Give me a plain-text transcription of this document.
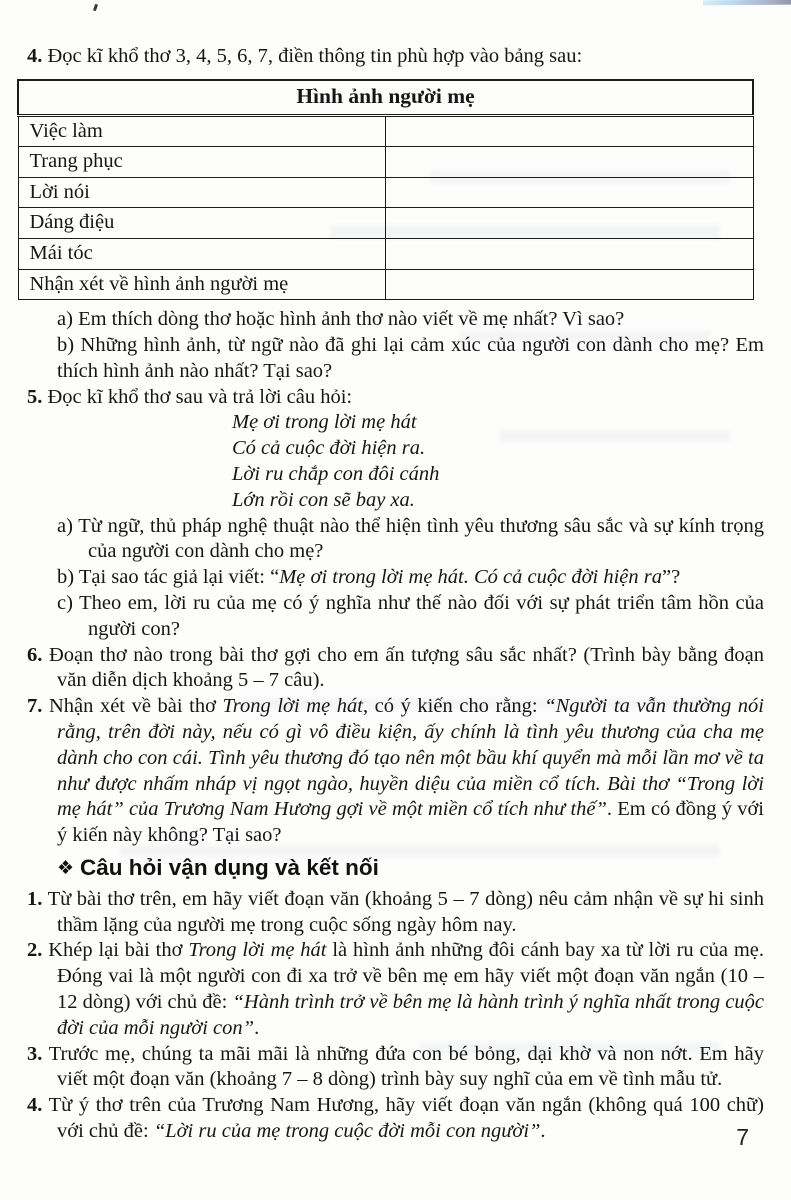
4. Đọc kĩ khổ thơ 3, 4, 5, 6, 7, điền thông tin phù hợp vào bảng sau:

Hình ảnh người mẹ	
Việc làm	
Trang phục	
Lời nói	
Dáng điệu	
Mái tóc	
Nhận xét về hình ảnh người mẹ	

a) Em thích dòng thơ hoặc hình ảnh thơ nào viết về mẹ nhất? Vì sao?

b) Những hình ảnh, từ ngữ nào đã ghi lại cảm xúc của người con dành cho mẹ? Em thích hình ảnh nào nhất? Tại sao?

5. Đọc kĩ khổ thơ sau và trả lời câu hỏi:

Mẹ ơi trong lời mẹ hát
Có cả cuộc đời hiện ra.
Lời ru chắp con đôi cánh
Lớn rồi con sẽ bay xa.

a) Từ ngữ, thủ pháp nghệ thuật nào thể hiện tình yêu thương sâu sắc và sự kính trọng của người con dành cho mẹ?

b) Tại sao tác giả lại viết: “Mẹ ơi trong lời mẹ hát. Có cả cuộc đời hiện ra”?

c) Theo em, lời ru của mẹ có ý nghĩa như thế nào đối với sự phát triển tâm hồn của người con?

6. Đoạn thơ nào trong bài thơ gợi cho em ấn tượng sâu sắc nhất? (Trình bày bằng đoạn văn diễn dịch khoảng 5 – 7 câu).

7. Nhận xét về bài thơ Trong lời mẹ hát, có ý kiến cho rằng: “Người ta vẫn thường nói rằng, trên đời này, nếu có gì vô điều kiện, ấy chính là tình yêu thương của cha mẹ dành cho con cái. Tình yêu thương đó tạo nên một bầu khí quyển mà mỗi lần mơ về ta như được nhấm nháp vị ngọt ngào, huyền diệu của miền cổ tích. Bài thơ “Trong lời mẹ hát” của Trương Nam Hương gợi về một miền cổ tích như thế”. Em có đồng ý với ý kiến này không? Tại sao?

❖ Câu hỏi vận dụng và kết nối

1. Từ bài thơ trên, em hãy viết đoạn văn (khoảng 5 – 7 dòng) nêu cảm nhận về sự hi sinh thầm lặng của người mẹ trong cuộc sống ngày hôm nay.

2. Khép lại bài thơ Trong lời mẹ hát là hình ảnh những đôi cánh bay xa từ lời ru của mẹ. Đóng vai là một người con đi xa trở về bên mẹ em hãy viết một đoạn văn ngắn (10 – 12 dòng) với chủ đề: “Hành trình trở về bên mẹ là hành trình ý nghĩa nhất trong cuộc đời của mỗi người con”.

3. Trước mẹ, chúng ta mãi mãi là những đứa con bé bỏng, dại khờ và non nớt. Em hãy viết một đoạn văn (khoảng 7 – 8 dòng) trình bày suy nghĩ của em về tình mẫu tử.

4. Từ ý thơ trên của Trương Nam Hương, hãy viết đoạn văn ngắn (không quá 100 chữ) với chủ đề: “Lời ru của mẹ trong cuộc đời mỗi con người”.	7
